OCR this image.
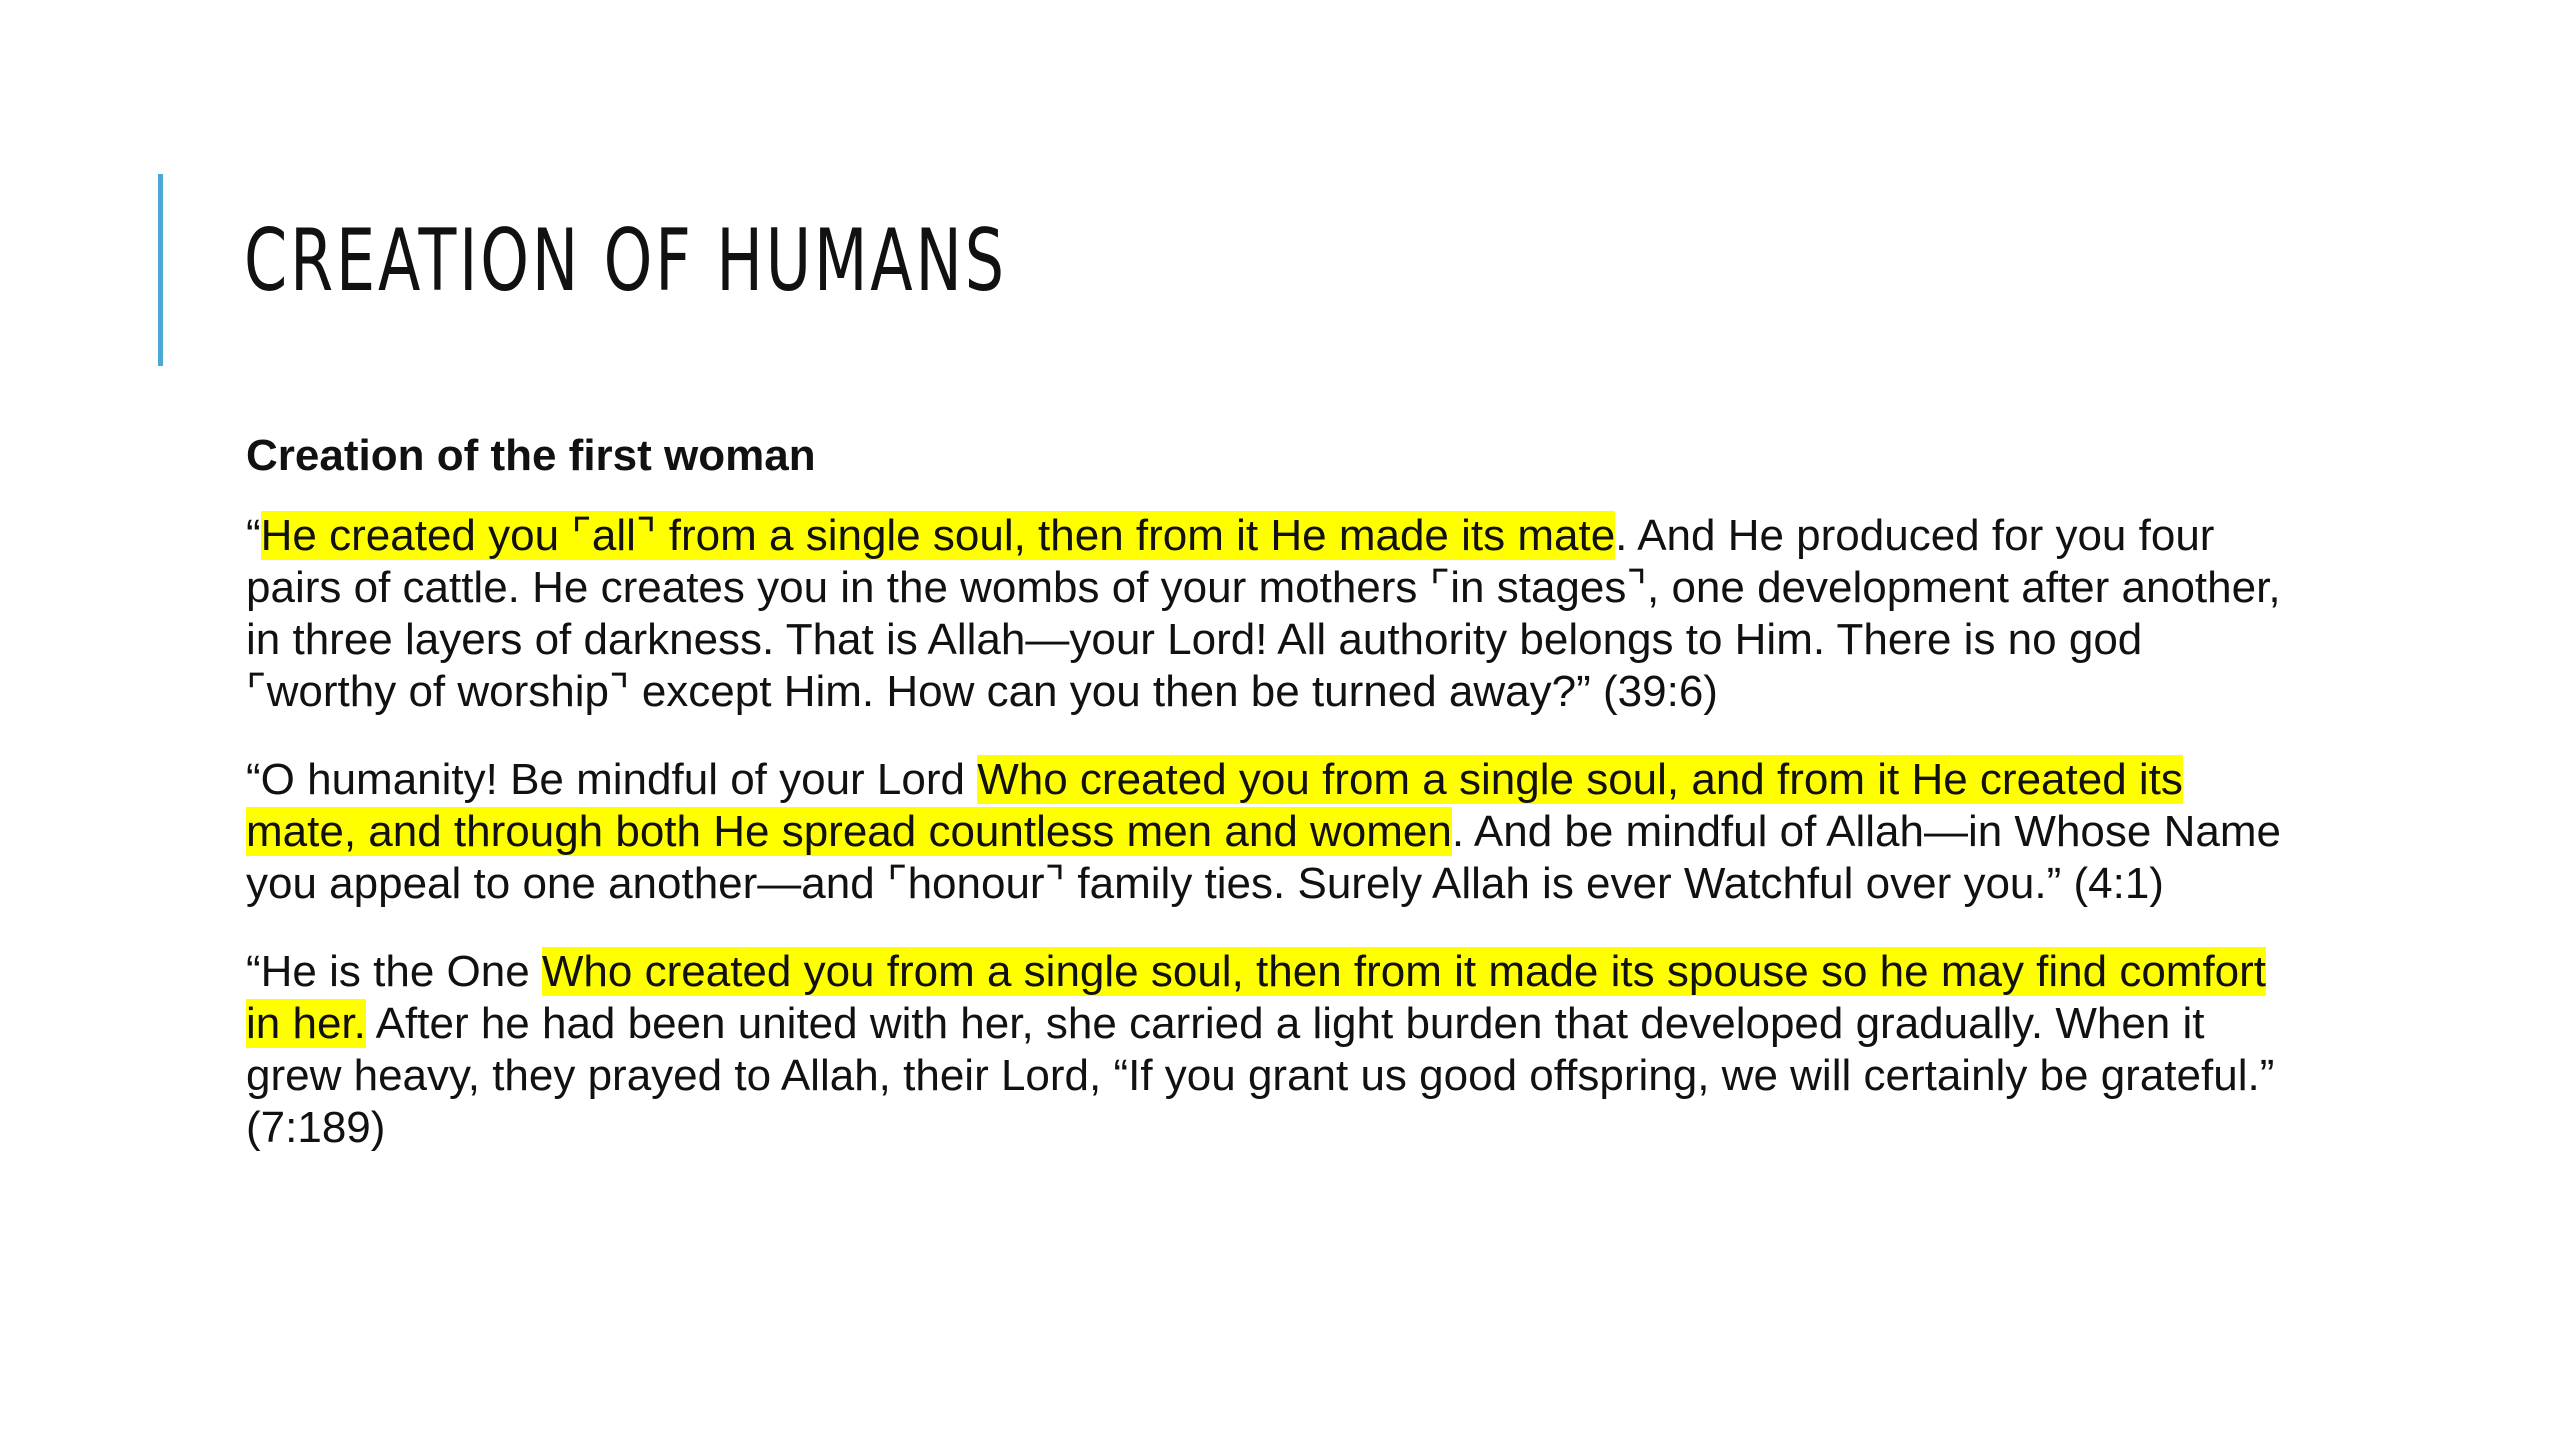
CREATION OF HUMANS

Creation of the first woman

“He created you ⌜all⌝ from a single soul, then from it He made its mate. And He produced for you four pairs of cattle. He creates you in the wombs of your mothers ⌜in stages⌝, one development after another, in three layers of darkness. That is Allah—your Lord! All authority belongs to Him. There is no god ⌜worthy of worship⌝ except Him. How can you then be turned away?” (39:6)

“O humanity! Be mindful of your Lord Who created you from a single soul, and from it He created its mate, and through both He spread countless men and women. And be mindful of Allah—in Whose Name you appeal to one another—and ⌜honour⌝ family ties. Surely Allah is ever Watchful over you.” (4:1)

“He is the One Who created you from a single soul, then from it made its spouse so he may find comfort in her. After he had been united with her, she carried a light burden that developed gradually. When it grew heavy, they prayed to Allah, their Lord, “If you grant us good offspring, we will certainly be grateful.” (7:189)
